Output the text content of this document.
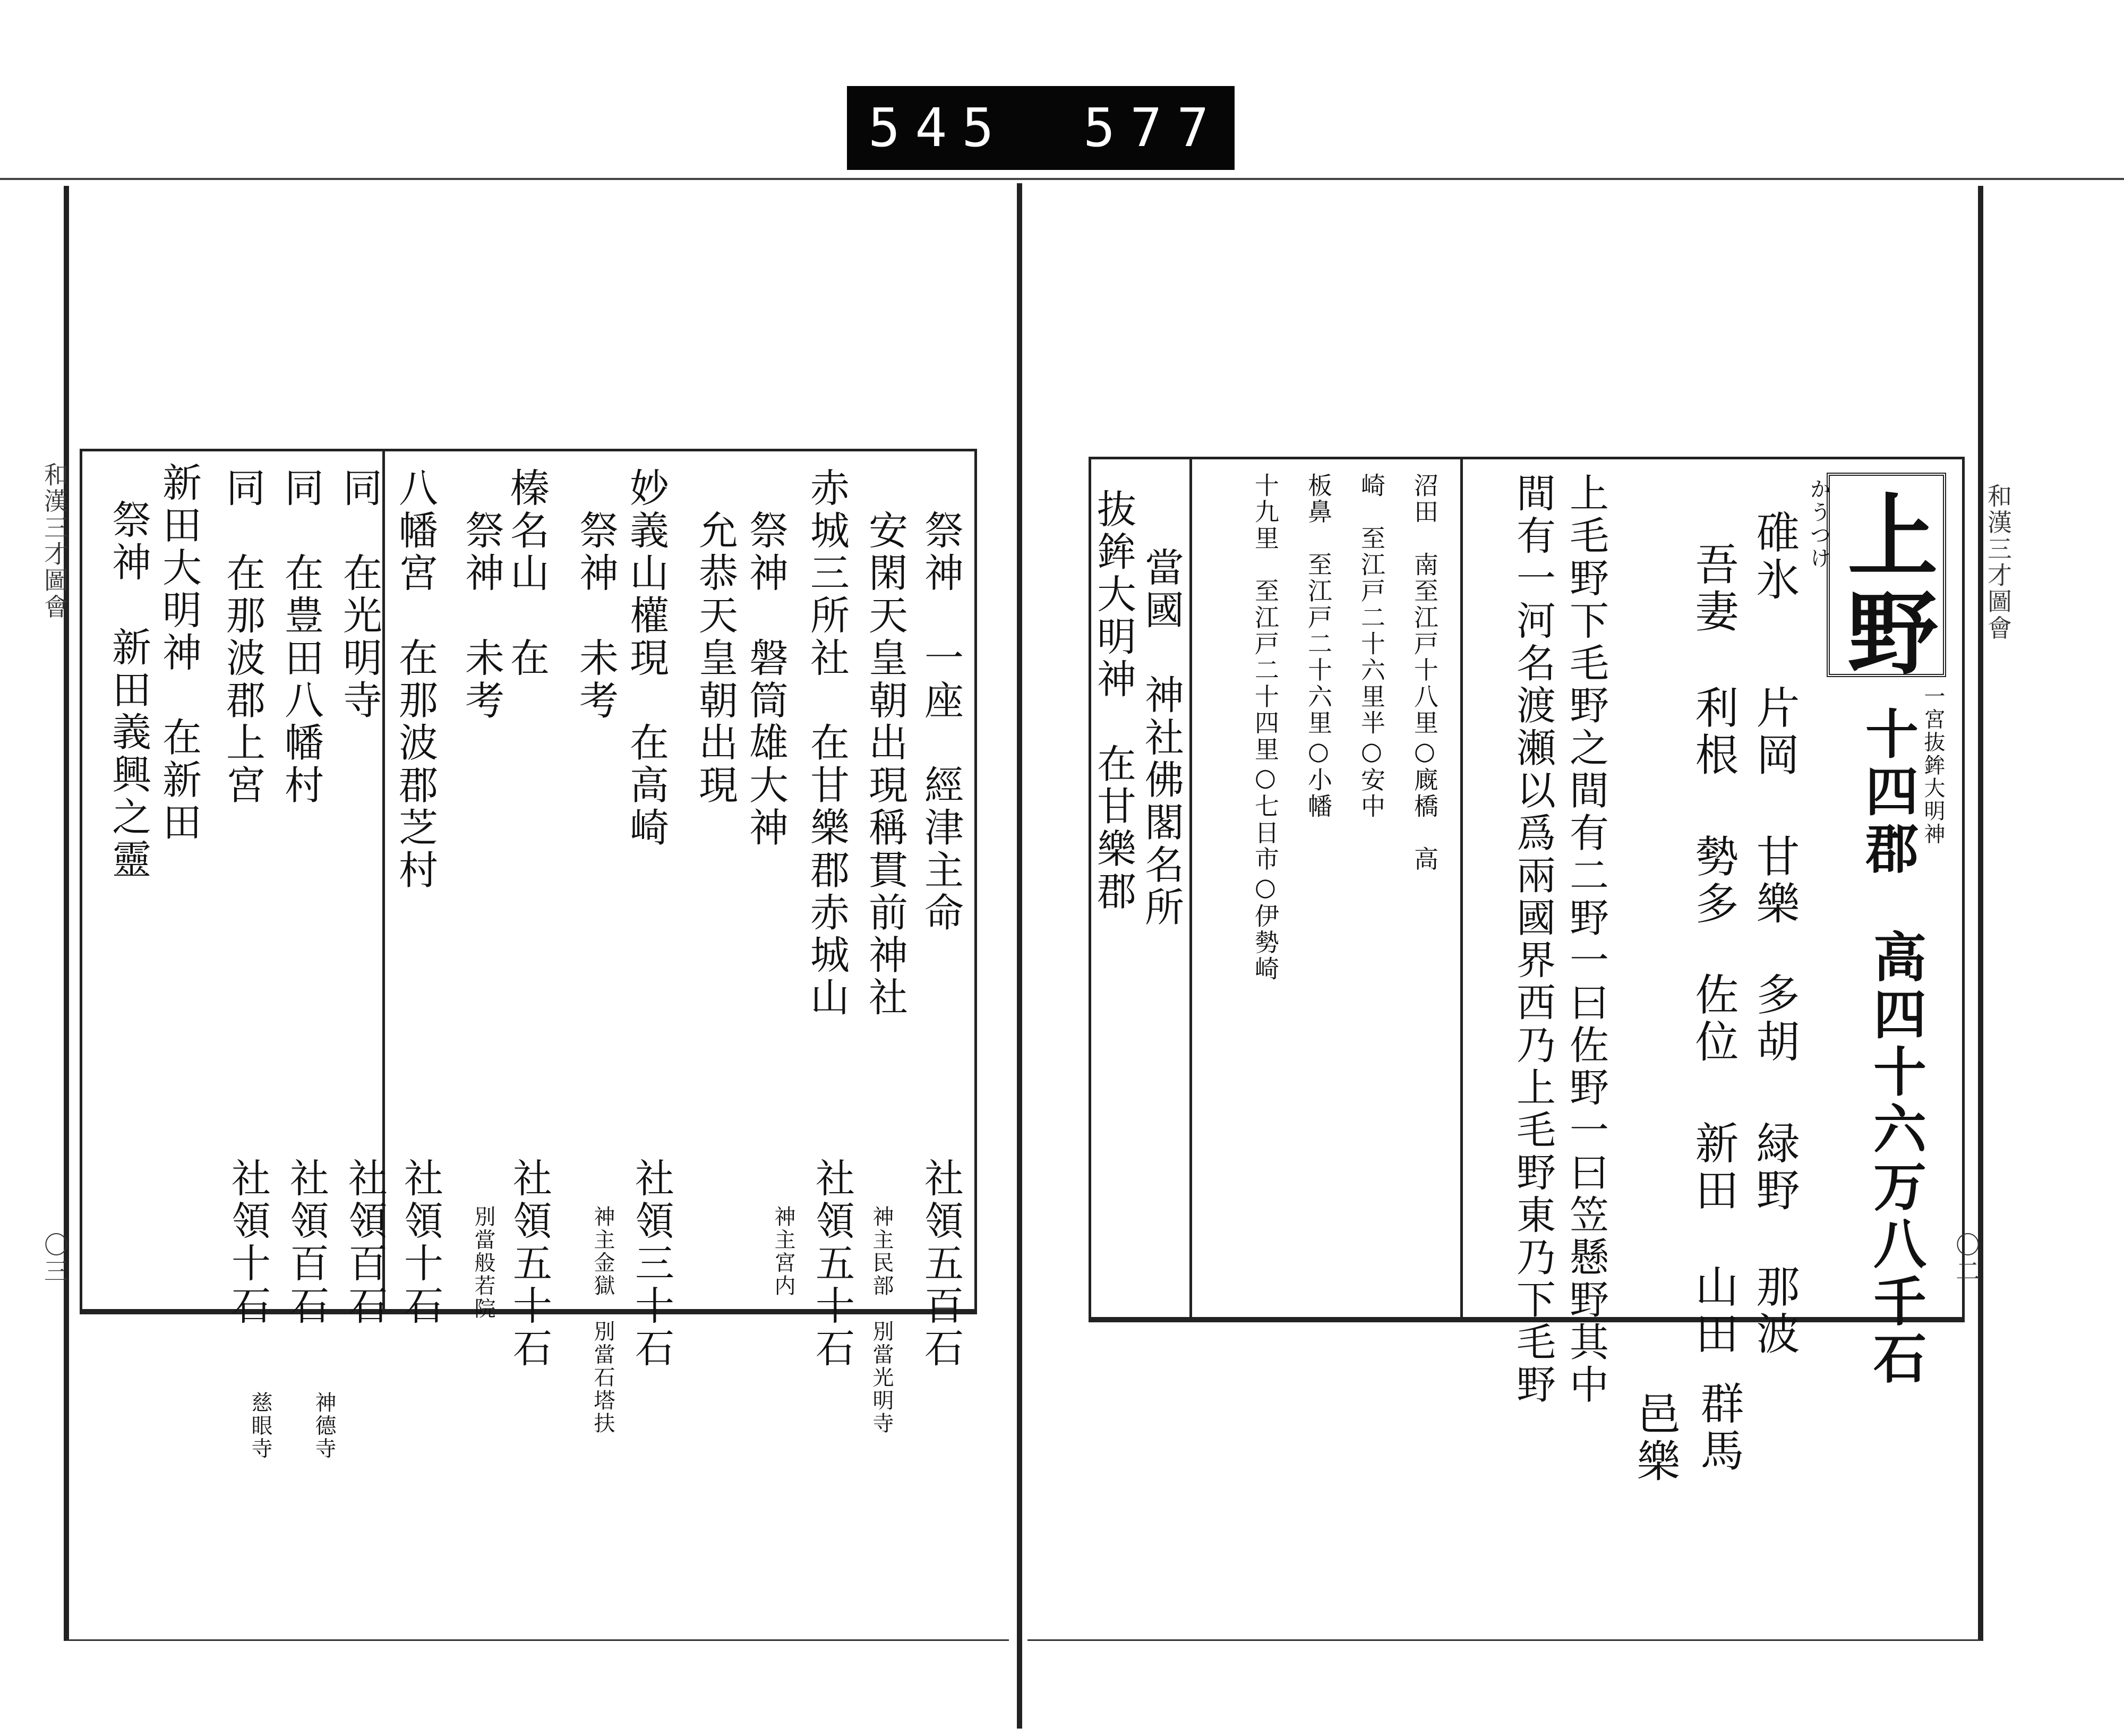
545 577.
和漢三才圖會
〇三
祭神　一座　經津主命
社領五百石
神主民部　別當光明寺
安閑天皇朝出現稱貫前神社
赤城三所社　在甘樂郡赤城山
社領五十石
神主宮内
祭神　磐筒雄大神
允恭天皇朝出現
妙義山權現　在高崎
社領三十石
神主金獄　別當石塔扶
祭神　未考
榛名山　在
社領五十石
別當般若院
祭神　未考
八幡宮　在那波郡芝村
社領十石
同　在光明寺
社領百石
同　在豊田八幡村
社領百石
神德寺
同　在那波郡上宮
社領十石
慈眼寺
新田大明神　在新田
祭神　新田義興之靈	和漢三才圖會
〇二
上野
かうつけ
一宮抜鉾大明神
十四郡
高四十六万八千石
碓氷
片岡
甘樂
多胡
緑野
那波
吾妻
利根
勢多
佐位
新田
山田
邑樂 群馬
上毛野下毛野之間有二野一曰佐野一曰笠懸野其中
間有一河名渡瀬以爲兩國界西乃上毛野東乃下毛野
沼田　南至江戸十八里○廐橋　高
崎　至江戸二十六里半○安中
板鼻　至江戸二十六里○小幡
十九里　至江戸二十四里○七日市○伊勢崎
當國　神社佛閣名所
抜鉾大明神　在甘樂郡
